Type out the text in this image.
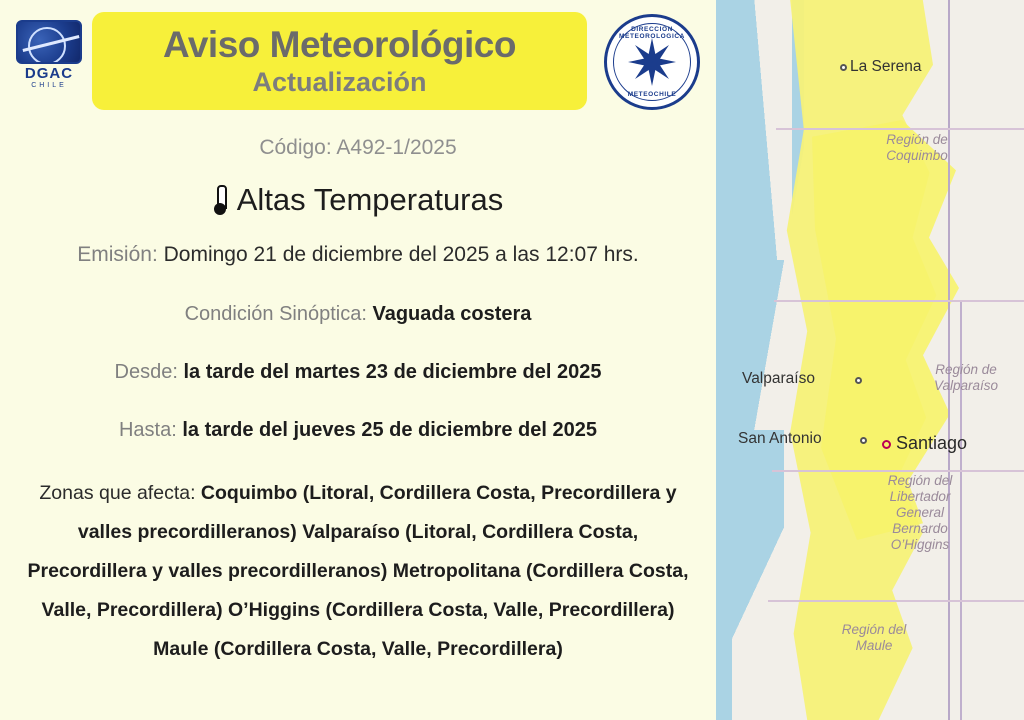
DGAC
CHILE
Aviso Meteorológico
Actualización
DIRECCION METEOROLOGICA
METEOCHILE
Código: A492-1/2025
Altas Temperaturas
Emisión: Domingo 21 de diciembre del 2025 a las 12:07 hrs.
Condición Sinóptica: Vaguada costera
Desde: la tarde del martes 23 de diciembre del 2025
Hasta: la tarde del jueves 25 de diciembre del 2025
Zonas que afecta: Coquimbo (Litoral, Cordillera Costa, Precordillera y valles precordilleranos) Valparaíso (Litoral, Cordillera Costa, Precordillera y valles precordilleranos) Metropolitana (Cordillera Costa, Valle, Precordillera) O’Higgins (Cordillera Costa, Valle, Precordillera) Maule (Cordillera Costa, Valle, Precordillera)
La Serena
Región de
Coquimbo
Valparaíso
Región de
Valparaíso
San Antonio	Santiago
Región del
Libertador
General
Bernardo
O’Higgins
Región del
Maule
